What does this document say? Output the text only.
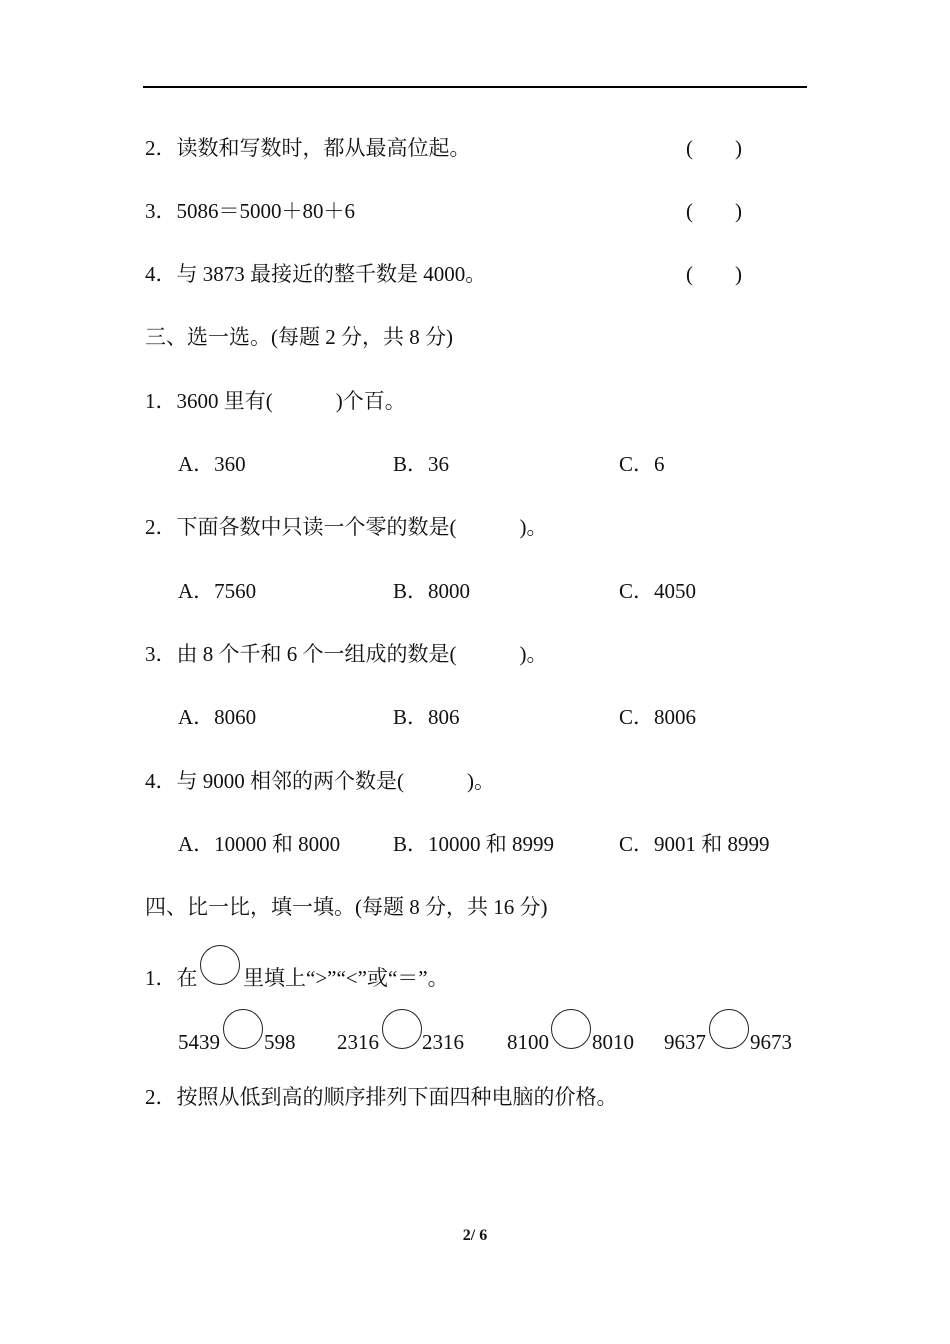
2．读数和写数时，都从最高位起。	(　　)
3．5086＝5000＋80＋6	(　　)
4．与 3873 最接近的整千数是 4000。	(　　)
三、选一选。(每题 2 分，共 8 分)
1．3600 里有(　　　)个百。
A．360	B．36	C．6
2．下面各数中只读一个零的数是(　　　)。
A．7560	B．8000	C．4050
3．由 8 个千和 6 个一组成的数是(　　　)。
A．8060	B．806	C．8006
4．与 9000 相邻的两个数是(　　　)。
A．10000 和 8000	B．10000 和 8999	C．9001 和 8999
四、比一比，填一填。(每题 8 分，共 16 分)
1．在 里填上“>”“<”或“＝”。
5439 598 2316 2316 8100 8010 9637 9673
2．按照从低到高的顺序排列下面四种电脑的价格。
2/ 6
